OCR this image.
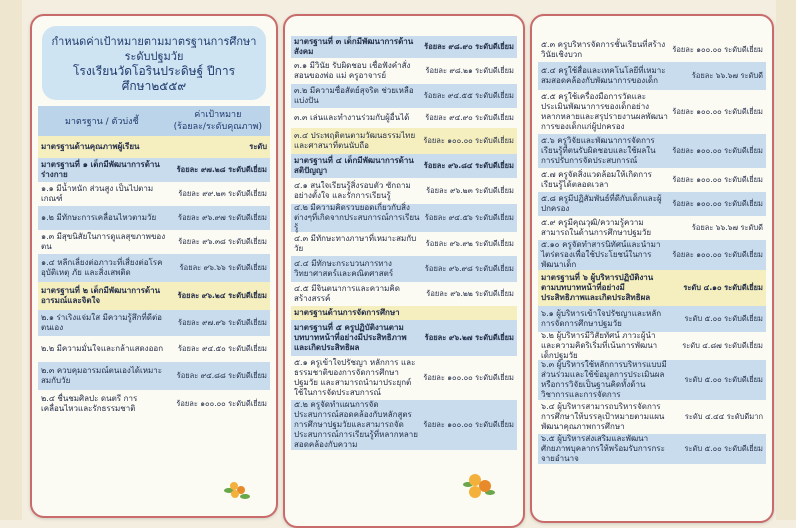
กำหนดค่าเป้าหมายตามมาตรฐานการศึกษา
ระดับปฐมวัย
โรงเรียนวัดโอรินประดิษฐ์ ปีการศึกษา๒๕๕๙
มาตรฐาน / ตัวบ่งชี้
ค่าเป้าหมาย
(ร้อยละ/ระดับคุณภาพ)
มาตรฐานด้านคุณภาพผู้เรียน	ระดับ
มาตรฐานที่ ๑ เด็กมีพัฒนาการด้านร่างกาย
ร้อยละ ๙๗.๒๘ ระดับดีเยี่ยม
๑.๑ มีน้ำหนัก ส่วนสูง เป็นไปตามเกณฑ์
ร้อยละ ๙๙.๒๓ ระดับดีเยี่ยม
๑.๒ มีทักษะการเคลื่อนไหวตามวัย	ร้อยละ ๙๖.๙๗ ระดับดีเยี่ยม
๑.๓ มีสุขนิสัยในการดูแลสุขภาพของตน
ร้อยละ ๙๖.๓๘ ระดับดีเยี่ยม
๑.๔ หลีกเลี่ยงต่อภาวะที่เสี่ยงต่อโรค อุบัติเหตุ ภัย และสิ่งเสพติด
ร้อยละ ๙๖.๖๖ ระดับดีเยี่ยม
มาตรฐานที่ ๒ เด็กมีพัฒนาการด้านอารมณ์และจิตใจ
ร้อยละ ๙๖.๒๔ ระดับดีเยี่ยม
๒.๑ ร่าเริงแจ่มใส มีความรู้สึกที่ดีต่อตนเอง
ร้อยละ ๙๗.๙๖ ระดับดีเยี่ยม
๒.๒ มีความมั่นใจและกล้าแสดงออก	ร้อยละ ๙๔.๕๐ ระดับดีเยี่ยม
๒.๓ ควบคุมอารมณ์ตนเองได้เหมาะสมกับวัย
ร้อยละ ๙๔.๘๘ ระดับดีเยี่ยม
๒.๔ ชื่นชมศิลปะ ดนตรี การเคลื่อนไหวและรักธรรมชาติ
ร้อยละ ๑๐๐.๐๐ ระดับดีเยี่ยม
มาตรฐานที่ ๓ เด็กมีพัฒนาการด้านสังคม
ร้อยละ ๙๘.๙๐ ระดับดีเยี่ยม
๓.๑ มีวินัย รับผิดชอบ เชื่อฟังคำสั่งสอนของพ่อ แม่ ครูอาจารย์
ร้อยละ ๙๘.๒๑ ระดับดีเยี่ยม
๓.๒ มีความซื่อสัตย์สุจริต ช่วยเหลือแบ่งปัน
ร้อยละ ๙๔.๕๕ ระดับดีเยี่ยม
๓.๓ เล่นและทำงานร่วมกับผู้อื่นได้	ร้อยละ ๙๔.๙๐ ระดับดีเยี่ยม
๓.๔ ประพฤติตนตามวัฒนธรรมไทยและศาสนาที่ตนนับถือ
ร้อยละ ๑๐๐.๐๐ ระดับดีเยี่ยม
มาตรฐานที่ ๔ เด็กมีพัฒนาการด้านสติปัญญา
ร้อยละ ๙๖.๘๔ ระดับดีเยี่ยม
๔.๑ สนใจเรียนรู้สิ่งรอบตัว ซักถามอย่างตั้งใจ และรักการเรียนรู้
ร้อยละ ๙๖.๒๓ ระดับดีเยี่ยม
๔.๒ มีความคิดรวบยอดเกี่ยวกับสิ่งต่างๆที่เกิดจากประสบการณ์การเรียนรู้
ร้อยละ ๙๔.๕๖ ระดับดีเยี่ยม
๔.๓ มีทักษะทางภาษาที่เหมาะสมกับวัย
ร้อยละ ๙๖.๙๒ ระดับดีเยี่ยม
๔.๔ มีทักษะกระบวนการทางวิทยาศาสตร์และคณิตศาสตร์
ร้อยละ ๙๖.๙๘ ระดับดีเยี่ยม
๔.๕ มีจินตนาการและความคิดสร้างสรรค์
ร้อยละ ๙๖.๒๒ ระดับดีเยี่ยม
มาตรฐานด้านการจัดการศึกษา
มาตรฐานที่ ๕ ครูปฏิบัติงานตามบทบาทหน้าที่อย่างมีประสิทธิภาพและเกิดประสิทธิผล
ร้อยละ ๙๖.๒๗ ระดับดีเยี่ยม
๕.๑ ครูเข้าใจปรัชญา หลักการ และธรรมชาติของการจัดการศึกษาปฐมวัย และสามารถนำมาประยุกต์ใช้ในการจัดประสบการณ์
ร้อยละ ๑๐๐.๐๐ ระดับดีเยี่ยม
๕.๒ ครูจัดทำแผนการจัดประสบการณ์สอดคล้องกับหลักสูตรการศึกษาปฐมวัยและสามารถจัดประสบการณ์การเรียนรู้ที่หลากหลาย สอดคล้องกับความ
ร้อยละ ๑๐๐.๐๐ ระดับดีเยี่ยม
๕.๓ ครูบริหารจัดการชั้นเรียนที่สร้างวินัยเชิงบวก
ร้อยละ ๑๐๐.๐๐ ระดับดีเยี่ยม
๕.๔ ครูใช้สื่อและเทคโนโลยีที่เหมาะสมสอดคล้องกับพัฒนาการของเด็ก
ร้อยละ ๖๖.๖๗ ระดับดี
๕.๕ ครูใช้เครื่องมือการวัดและประเมินพัฒนาการของเด็กอย่างหลากหลายและสรุปรายงานผลพัฒนาการของเด็กแก่ผู้ปกครอง
ร้อยละ ๑๐๐.๐๐ ระดับดีเยี่ยม
๕.๖ ครูวิจัยและพัฒนาการจัดการเรียนรู้ที่ตนรับผิดชอบและใช้ผลในการปรับการจัดประสบการณ์
ร้อยละ ๑๐๐.๐๐ ระดับดีเยี่ยม
๕.๗ ครูจัดสิ่งแวดล้อมให้เกิดการเรียนรู้ได้ตลอดเวลา
ร้อยละ ๑๐๐.๐๐ ระดับดีเยี่ยม
๕.๘ ครูมีปฏิสัมพันธ์ที่ดีกับเด็กและผู้ปกครอง
ร้อยละ ๑๐๐.๐๐ ระดับดีเยี่ยม
๕.๙ ครูมีคุณวุฒิ/ความรู้ความสามารถในด้านการศึกษาปฐมวัย
ร้อยละ ๖๖.๖๗ ระดับดี
๕.๑๐ ครูจัดทำสารนิทัศน์และนำมาไตร่ตรองเพื่อใช้ประโยชน์ในการพัฒนาเด็ก
ร้อยละ ๑๐๐.๐๐ ระดับดีเยี่ยม
มาตรฐานที่ ๖ ผู้บริหารปฏิบัติงานตามบทบาทหน้าที่อย่างมีประสิทธิภาพและเกิดประสิทธิผล
ระดับ ๔.๑๐ ระดับดีเยี่ยม
๖.๑ ผู้บริหารเข้าใจปรัชญาและหลักการจัดการศึกษาปฐมวัย
ระดับ ๕.๐๐ ระดับดีเยี่ยม
๖.๒ ผู้บริหารมีวิสัยทัศน์ ภาวะผู้นำและความคิดริเริ่มที่เน้นการพัฒนาเด็กปฐมวัย
ระดับ ๔.๘๗ ระดับดีเยี่ยม
๖.๓ ผู้บริหารใช้หลักการบริหารแบบมีส่วนร่วมและใช้ข้อมูลการประเมินผลหรือการวิจัยเป็นฐานคิดทั้งด้านวิชาการและการจัดการ
ระดับ ๕.๐๐ ระดับดีเยี่ยม
๖.๔ ผู้บริหารสามารถบริหารจัดการการศึกษาให้บรรลุเป้าหมายตามแผนพัฒนาคุณภาพการศึกษา
ระดับ ๔.๔๔ ระดับดีมาก
๖.๕ ผู้บริหารส่งเสริมและพัฒนาศักยภาพบุคลากรให้พร้อมรับการกระจายอำนาจ
ระดับ ๕.๐๐ ระดับดีเยี่ยม
